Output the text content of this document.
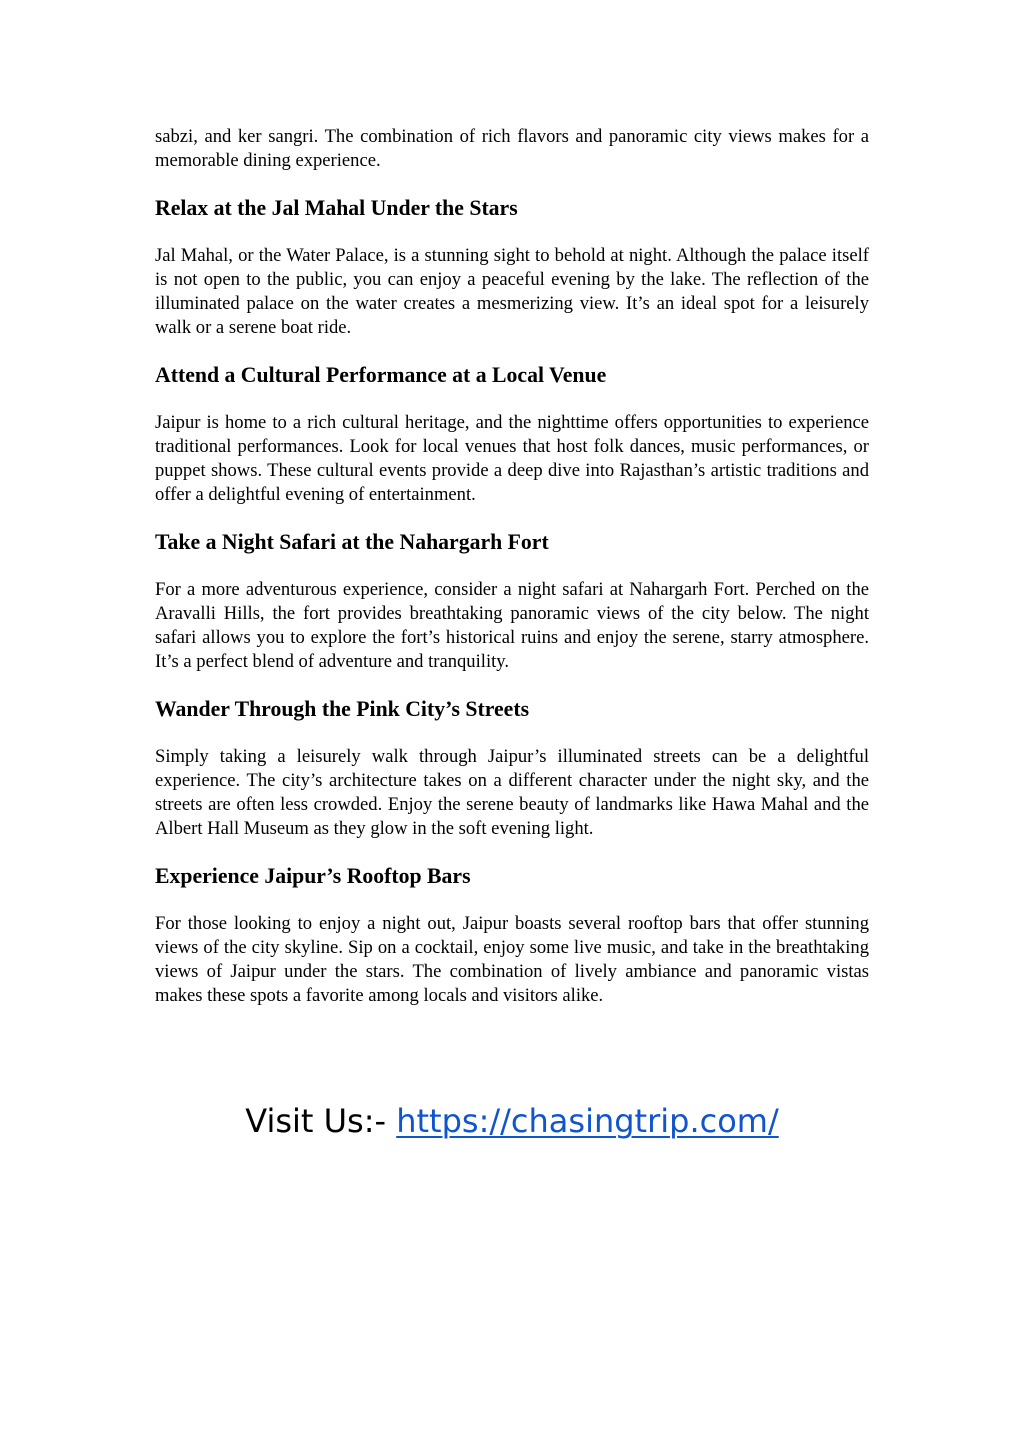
sabzi, and ker sangri. The combination of rich flavors and panoramic city views makes for a memorable dining experience.

Relax at the Jal Mahal Under the Stars

Jal Mahal, or the Water Palace, is a stunning sight to behold at night. Although the palace itself is not open to the public, you can enjoy a peaceful evening by the lake. The reflection of the illuminated palace on the water creates a mesmerizing view. It’s an ideal spot for a leisurely walk or a serene boat ride.

Attend a Cultural Performance at a Local Venue

Jaipur is home to a rich cultural heritage, and the nighttime offers opportunities to experience traditional performances. Look for local venues that host folk dances, music performances, or puppet shows. These cultural events provide a deep dive into Rajasthan’s artistic traditions and offer a delightful evening of entertainment.

Take a Night Safari at the Nahargarh Fort

For a more adventurous experience, consider a night safari at Nahargarh Fort. Perched on the Aravalli Hills, the fort provides breathtaking panoramic views of the city below. The night safari allows you to explore the fort’s historical ruins and enjoy the serene, starry atmosphere. It’s a perfect blend of adventure and tranquility.

Wander Through the Pink City’s Streets

Simply taking a leisurely walk through Jaipur’s illuminated streets can be a delightful experience. The city’s architecture takes on a different character under the night sky, and the streets are often less crowded. Enjoy the serene beauty of landmarks like Hawa Mahal and the Albert Hall Museum as they glow in the soft evening light.

Experience Jaipur’s Rooftop Bars

For those looking to enjoy a night out, Jaipur boasts several rooftop bars that offer stunning views of the city skyline. Sip on a cocktail, enjoy some live music, and take in the breathtaking views of Jaipur under the stars. The combination of lively ambiance and panoramic vistas makes these spots a favorite among locals and visitors alike.

Visit Us:- https://chasingtrip.com/
